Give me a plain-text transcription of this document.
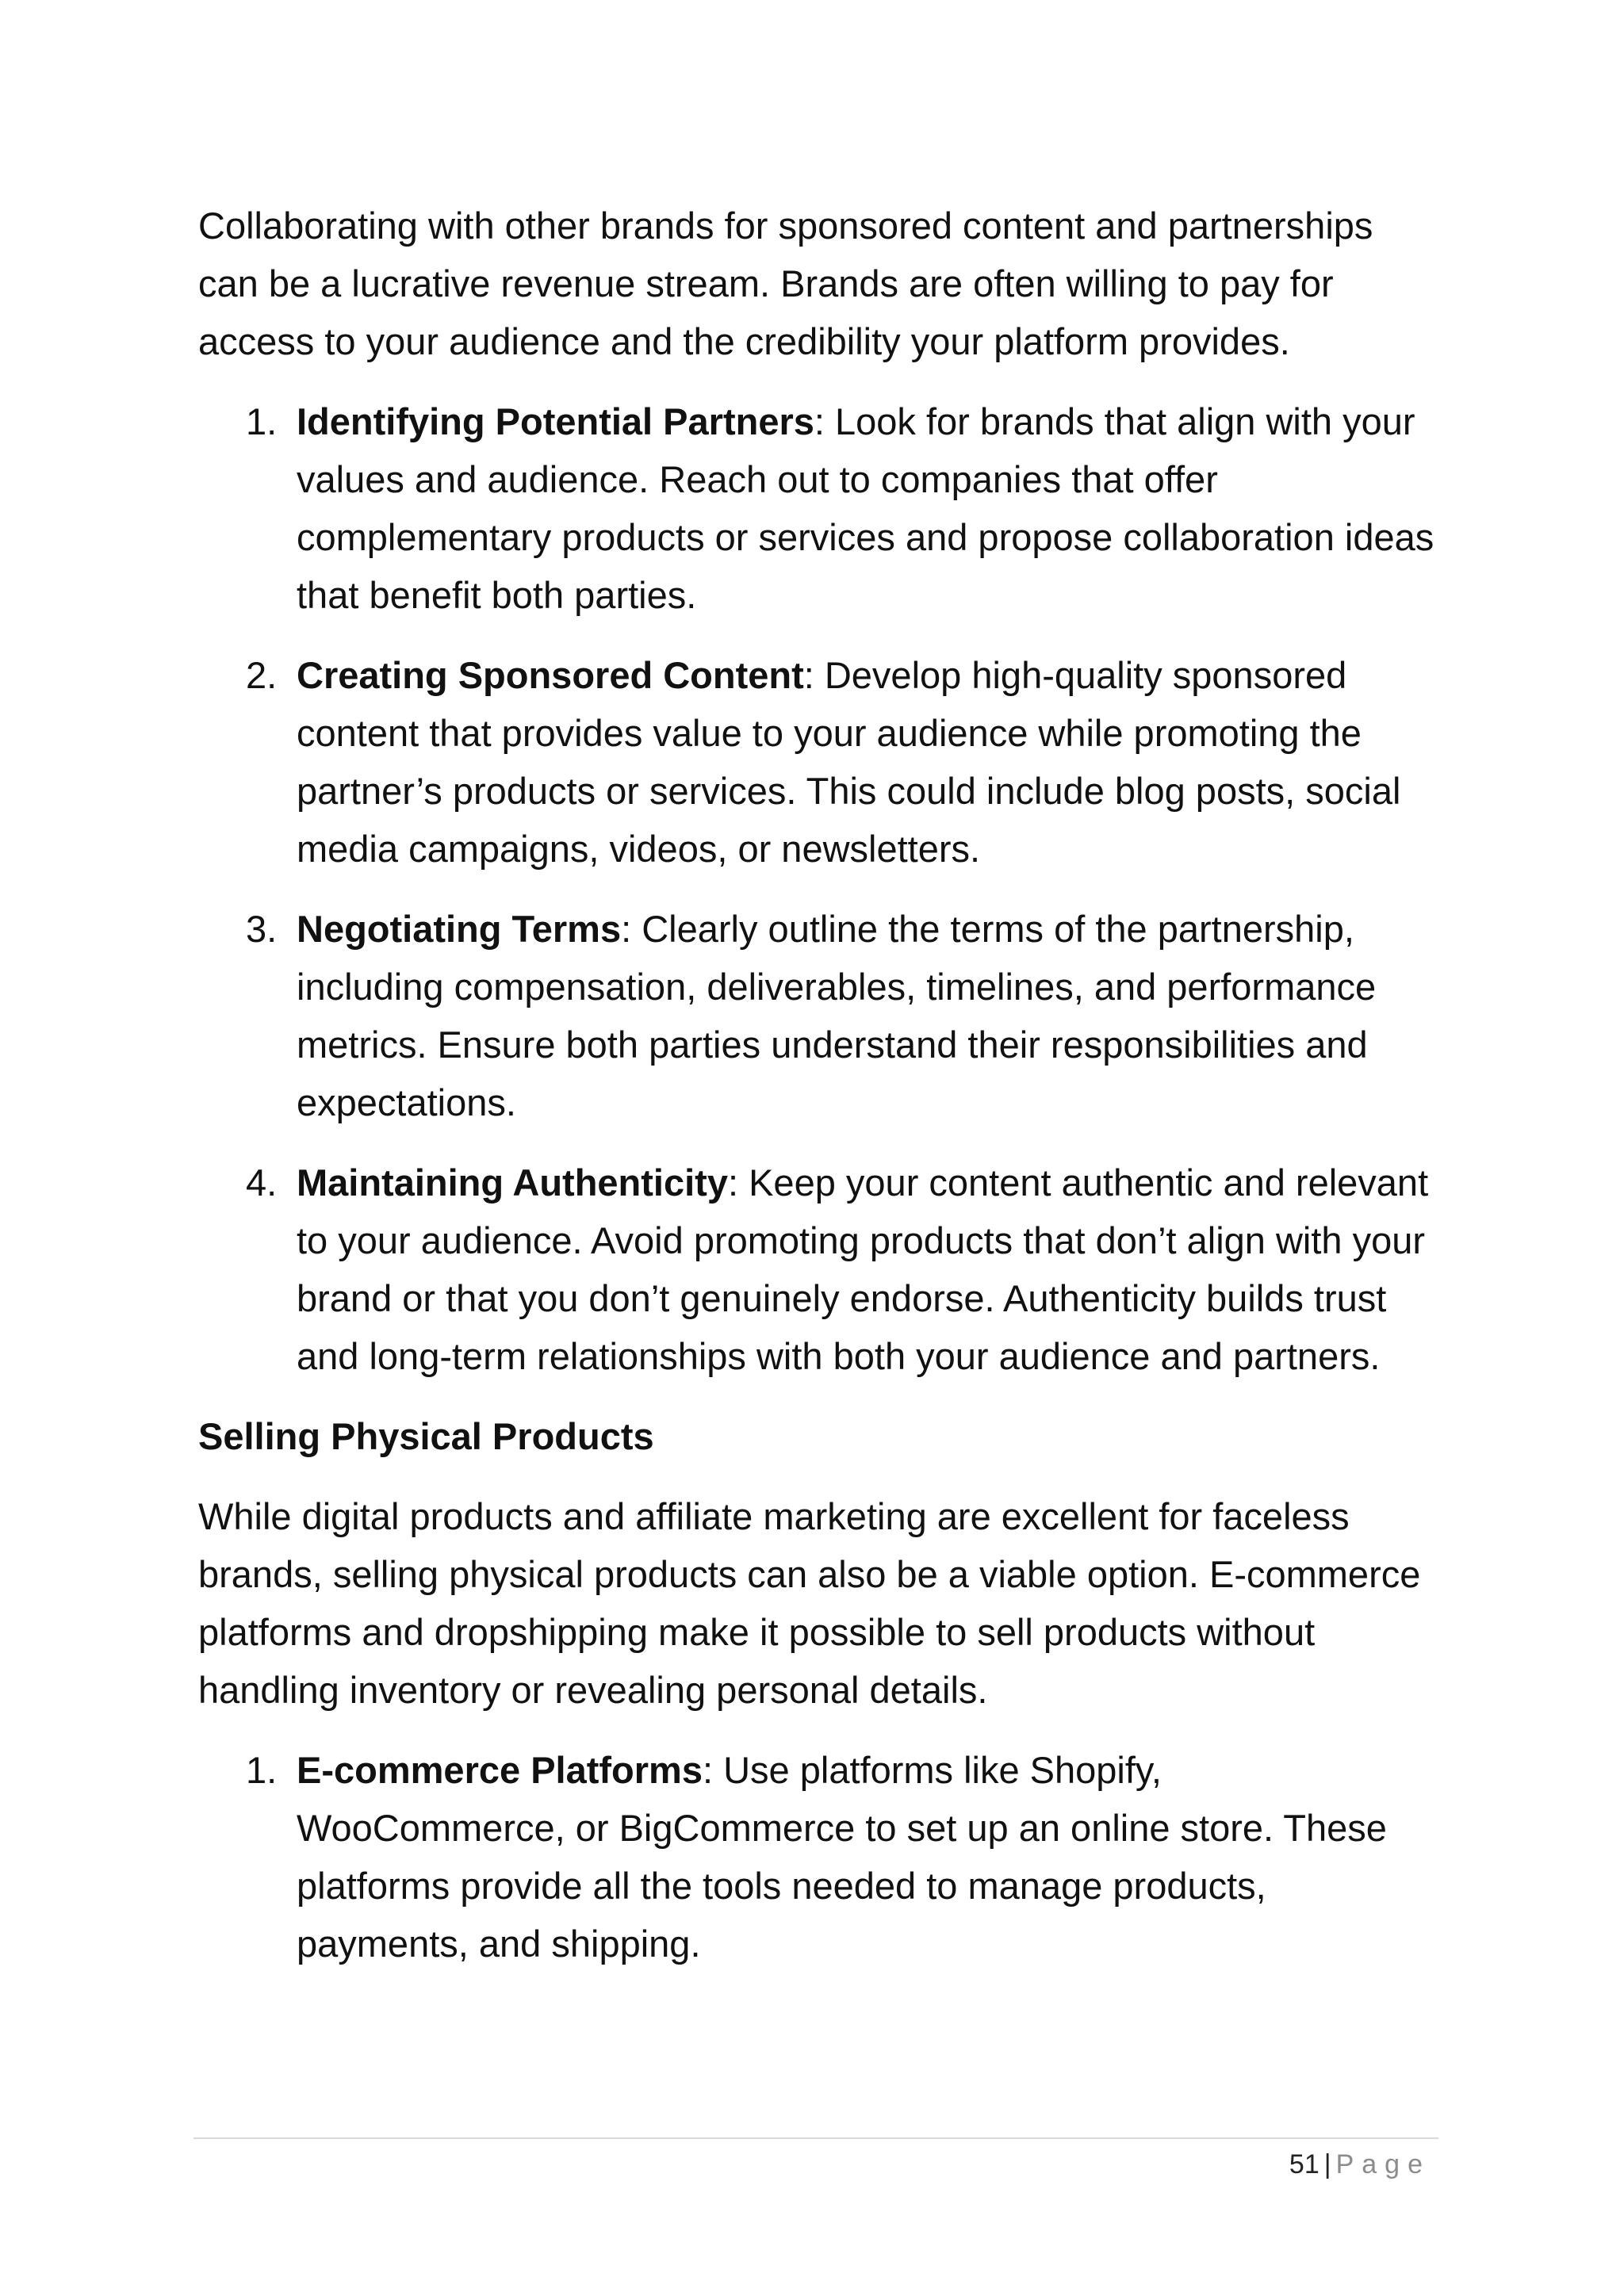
Collaborating with other brands for sponsored content and partnerships can be a lucrative revenue stream. Brands are often willing to pay for access to your audience and the credibility your platform provides.

1. Identifying Potential Partners: Look for brands that align with your values and audience. Reach out to companies that offer complementary products or services and propose collaboration ideas that benefit both parties.
2. Creating Sponsored Content: Develop high-quality sponsored content that provides value to your audience while promoting the partner’s products or services. This could include blog posts, social media campaigns, videos, or newsletters.
3. Negotiating Terms: Clearly outline the terms of the partnership, including compensation, deliverables, timelines, and performance metrics. Ensure both parties understand their responsibilities and expectations.
4. Maintaining Authenticity: Keep your content authentic and relevant to your audience. Avoid promoting products that don’t align with your brand or that you don’t genuinely endorse. Authenticity builds trust and long-term relationships with both your audience and partners.
Selling Physical Products

While digital products and affiliate marketing are excellent for faceless brands, selling physical products can also be a viable option. E-commerce platforms and dropshipping make it possible to sell products without handling inventory or revealing personal details.

1. E-commerce Platforms: Use platforms like Shopify, WooCommerce, or BigCommerce to set up an online store. These platforms provide all the tools needed to manage products, payments, and shipping.
51 | Page
